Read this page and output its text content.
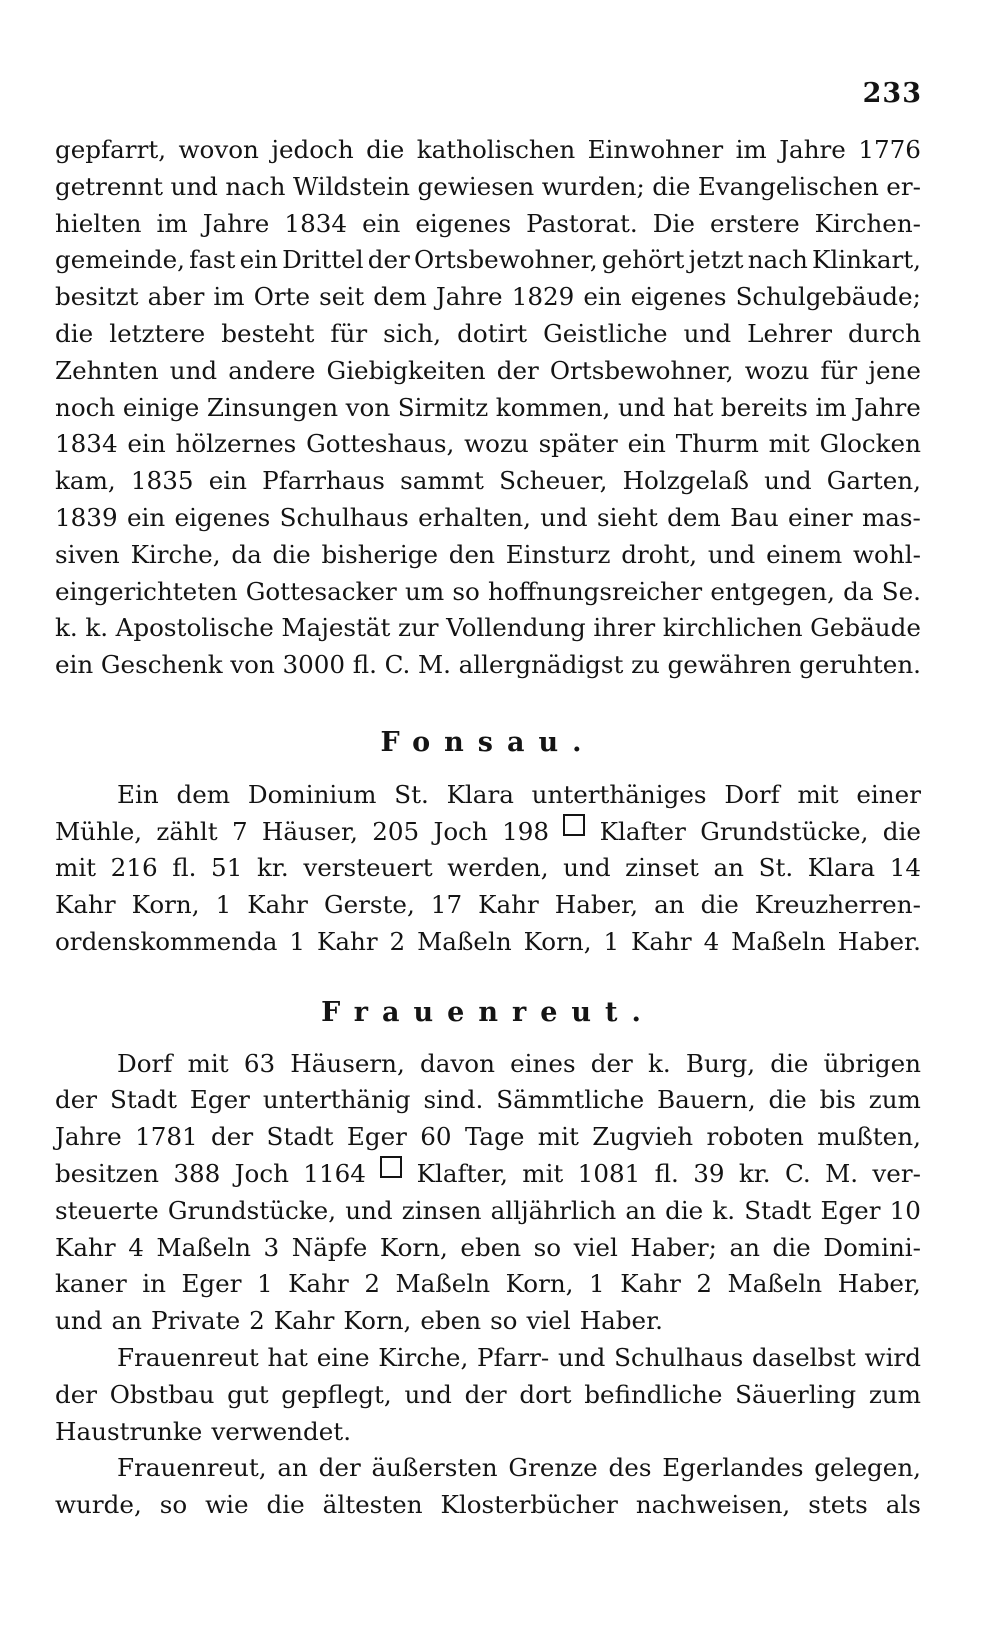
233
gepfarrt, wovon jedoch die katholischen Einwohner im Jahre 1776
getrennt und nach Wildstein gewiesen wurden; die Evangelischen er-
hielten im Jahre 1834 ein eigenes Pastorat. Die erstere Kirchen-
gemeinde, fast ein Drittel der Ortsbewohner, gehört jetzt nach Klinkart,
besitzt aber im Orte seit dem Jahre 1829 ein eigenes Schulgebäude;
die letztere besteht für sich, dotirt Geistliche und Lehrer durch
Zehnten und andere Giebigkeiten der Ortsbewohner, wozu für jene
noch einige Zinsungen von Sirmitz kommen, und hat bereits im Jahre
1834 ein hölzernes Gotteshaus, wozu später ein Thurm mit Glocken
kam, 1835 ein Pfarrhaus sammt Scheuer, Holzgelaß und Garten,
1839 ein eigenes Schulhaus erhalten, und sieht dem Bau einer mas-
siven Kirche, da die bisherige den Einsturz droht, und einem wohl-
eingerichteten Gottesacker um so hoffnungsreicher entgegen, da Se.
k. k. Apostolische Majestät zur Vollendung ihrer kirchlichen Gebäude
ein Geschenk von 3000 fl. C. M. allergnädigst zu gewähren geruhten.
Fonsau.
Ein dem Dominium St. Klara unterthäniges Dorf mit einer
Mühle, zählt 7 Häuser, 205 Joch 198 Klafter Grundstücke, die
mit 216 fl. 51 kr. versteuert werden, und zinset an St. Klara 14
Kahr Korn, 1 Kahr Gerste, 17 Kahr Haber, an die Kreuzherren-
ordenskommenda 1 Kahr 2 Maßeln Korn, 1 Kahr 4 Maßeln Haber.
Frauenreut.
Dorf mit 63 Häusern, davon eines der k. Burg, die übrigen
der Stadt Eger unterthänig sind. Sämmtliche Bauern, die bis zum
Jahre 1781 der Stadt Eger 60 Tage mit Zugvieh roboten mußten,
besitzen 388 Joch 1164 Klafter, mit 1081 fl. 39 kr. C. M. ver-
steuerte Grundstücke, und zinsen alljährlich an die k. Stadt Eger 10
Kahr 4 Maßeln 3 Näpfe Korn, eben so viel Haber; an die Domini-
kaner in Eger 1 Kahr 2 Maßeln Korn, 1 Kahr 2 Maßeln Haber,
und an Private 2 Kahr Korn, eben so viel Haber.
Frauenreut hat eine Kirche, Pfarr- und Schulhaus daselbst wird
der Obstbau gut gepflegt, und der dort befindliche Säuerling zum
Haustrunke verwendet.
Frauenreut, an der äußersten Grenze des Egerlandes gelegen,
wurde, so wie die ältesten Klosterbücher nachweisen, stets als
